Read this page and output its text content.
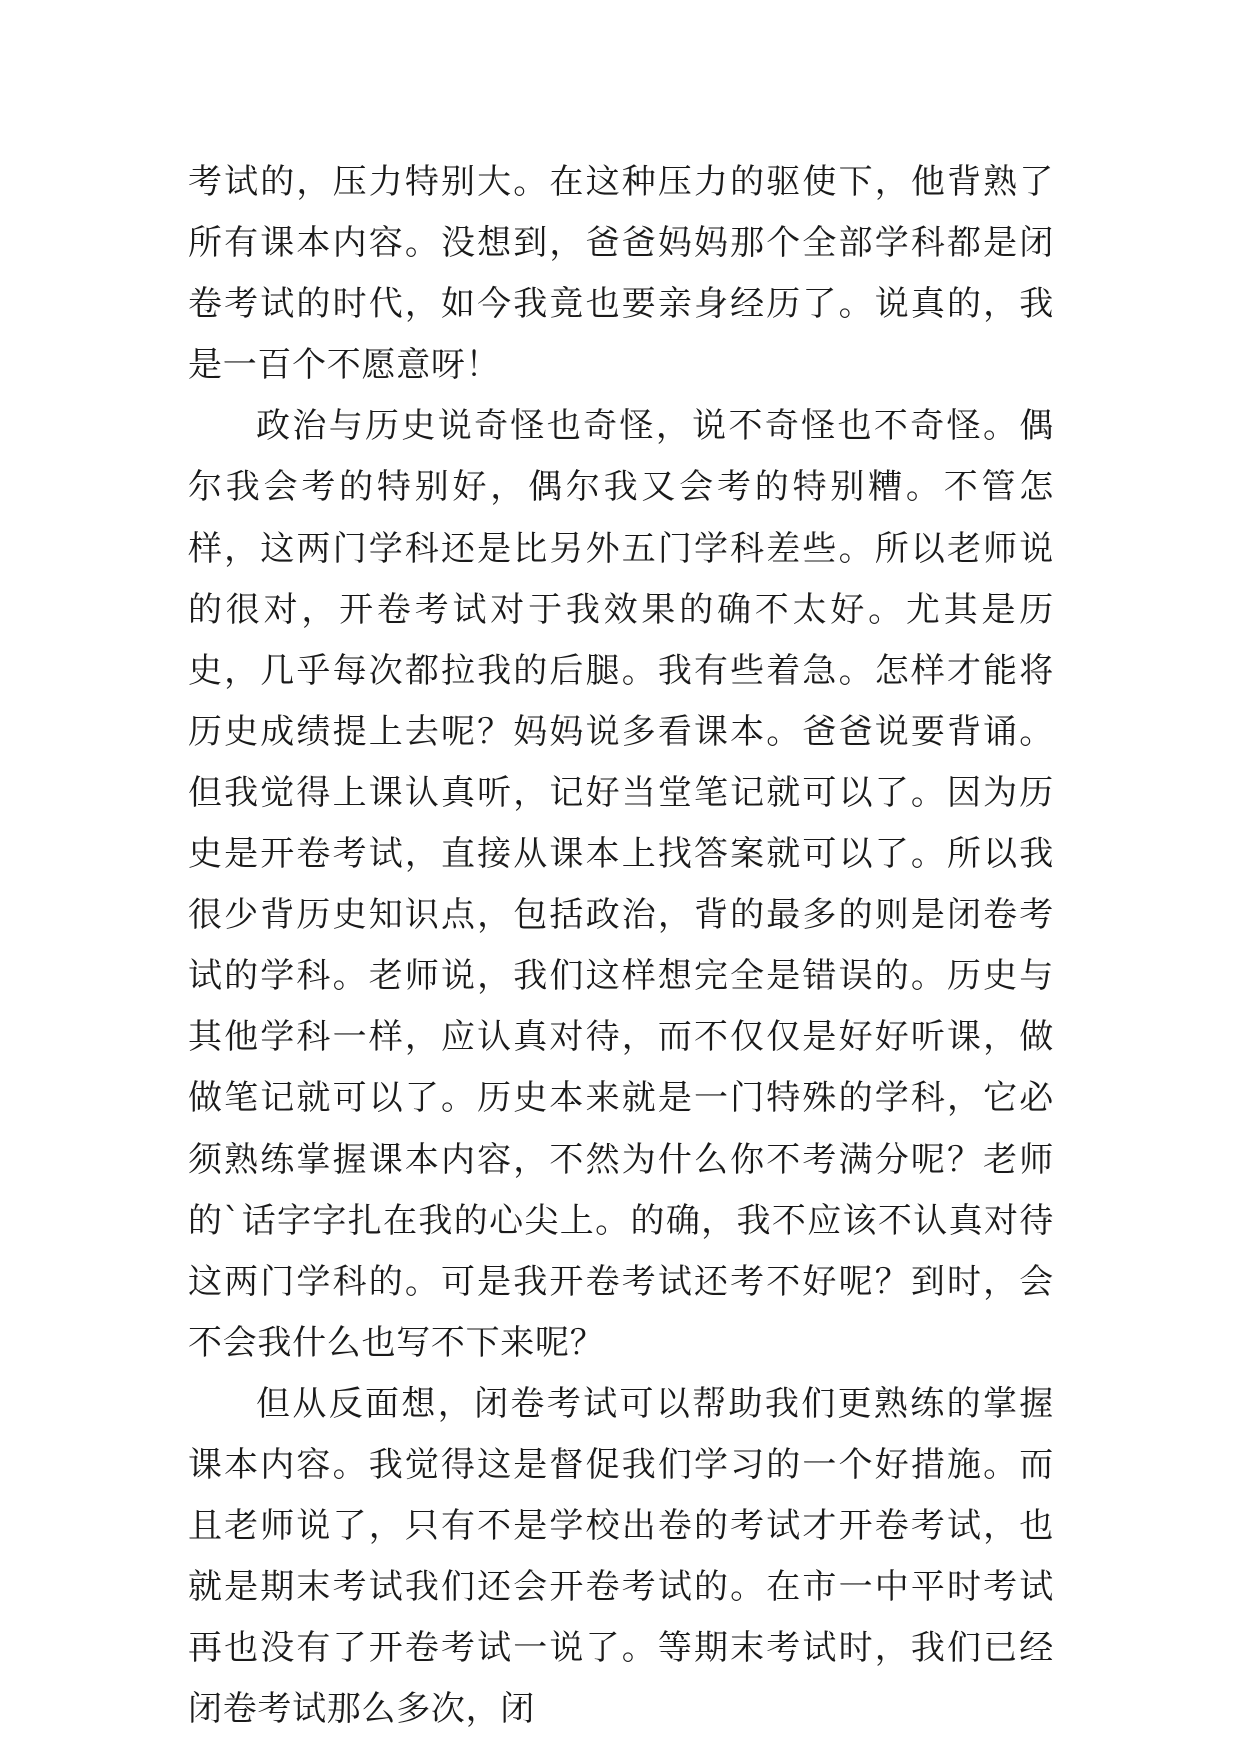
考试的，压力特别大。在这种压力的驱使下，他背熟了所有课本内容。没想到，爸爸妈妈那个全部学科都是闭卷考试的时代，如今我竟也要亲身经历了。说真的，我是一百个不愿意呀！

政治与历史说奇怪也奇怪，说不奇怪也不奇怪。偶尔我会考的特别好，偶尔我又会考的特别糟。不管怎样，这两门学科还是比另外五门学科差些。所以老师说的很对，开卷考试对于我效果的确不太好。尤其是历史，几乎每次都拉我的后腿。我有些着急。怎样才能将历史成绩提上去呢？妈妈说多看课本。爸爸说要背诵。但我觉得上课认真听，记好当堂笔记就可以了。因为历史是开卷考试，直接从课本上找答案就可以了。所以我很少背历史知识点，包括政治，背的最多的则是闭卷考试的学科。老师说，我们这样想完全是错误的。历史与其他学科一样，应认真对待，而不仅仅是好好听课，做做笔记就可以了。历史本来就是一门特殊的学科，它必须熟练掌握课本内容，不然为什么你不考满分呢？老师的`话字字扎在我的心尖上。的确，我不应该不认真对待这两门学科的。可是我开卷考试还考不好呢？到时，会不会我什么也写不下来呢？

但从反面想，闭卷考试可以帮助我们更熟练的掌握课本内容。我觉得这是督促我们学习的一个好措施。而且老师说了，只有不是学校出卷的考试才开卷考试，也就是期末考试我们还会开卷考试的。在市一中平时考试再也没有了开卷考试一说了。等期末考试时，我们已经闭卷考试那么多次，闭
